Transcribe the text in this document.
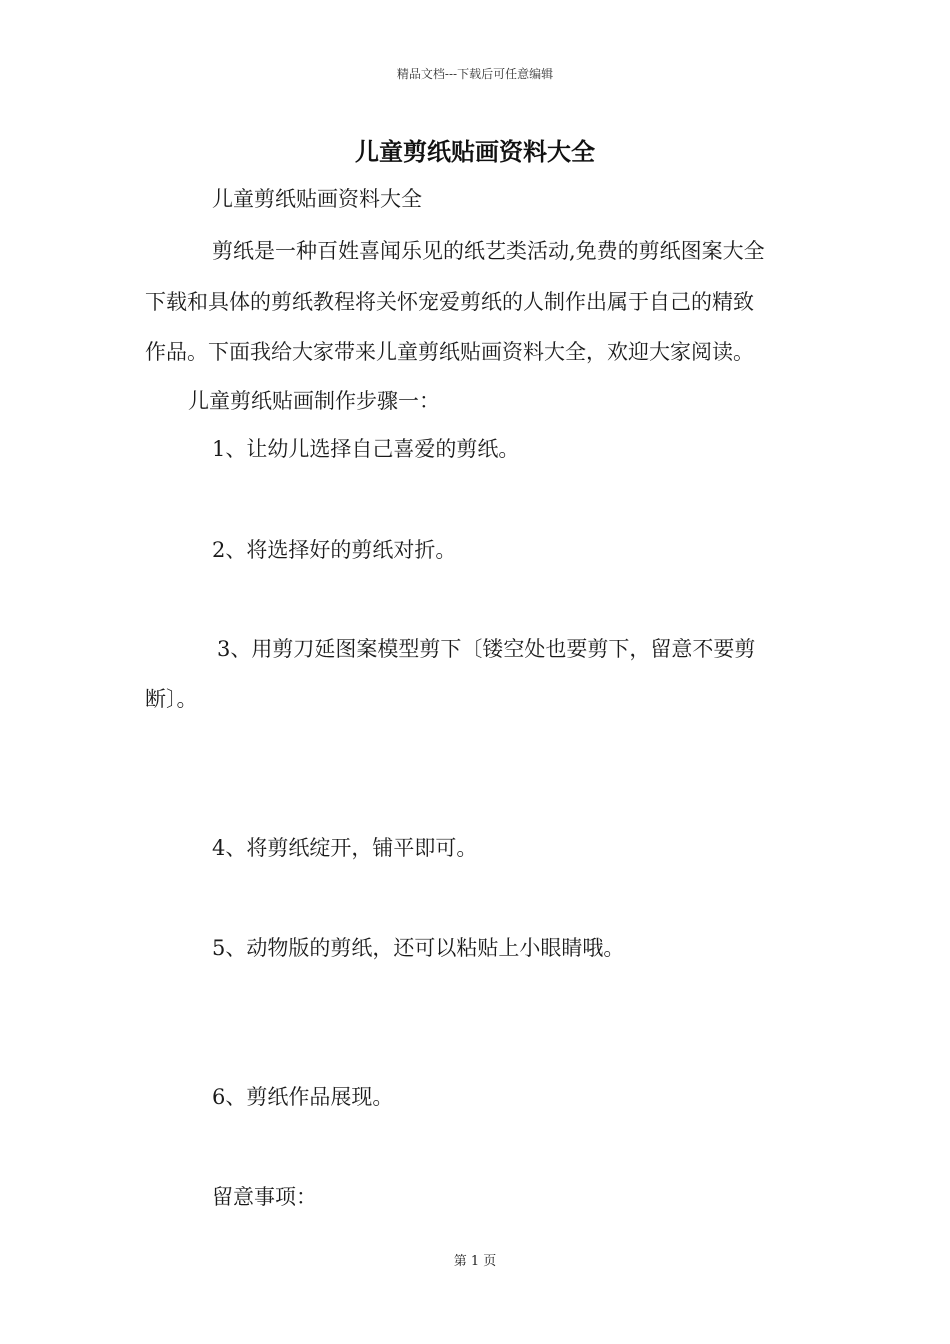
精品文档---下载后可任意编辑
儿童剪纸贴画资料大全
儿童剪纸贴画资料大全
剪纸是一种百姓喜闻乐见的纸艺类活动,免费的剪纸图案大全
下载和具体的剪纸教程将关怀宠爱剪纸的人制作出属于自己的精致
作品。下面我给大家带来儿童剪纸贴画资料大全，欢迎大家阅读。
儿童剪纸贴画制作步骤一：
1、让幼儿选择自己喜爱的剪纸。
2、将选择好的剪纸对折。
3、用剪刀延图案模型剪下〔镂空处也要剪下，留意不要剪
断〕。
4、将剪纸绽开，铺平即可。
5、动物版的剪纸，还可以粘贴上小眼睛哦。
6、剪纸作品展现。
留意事项：
第 1 页
